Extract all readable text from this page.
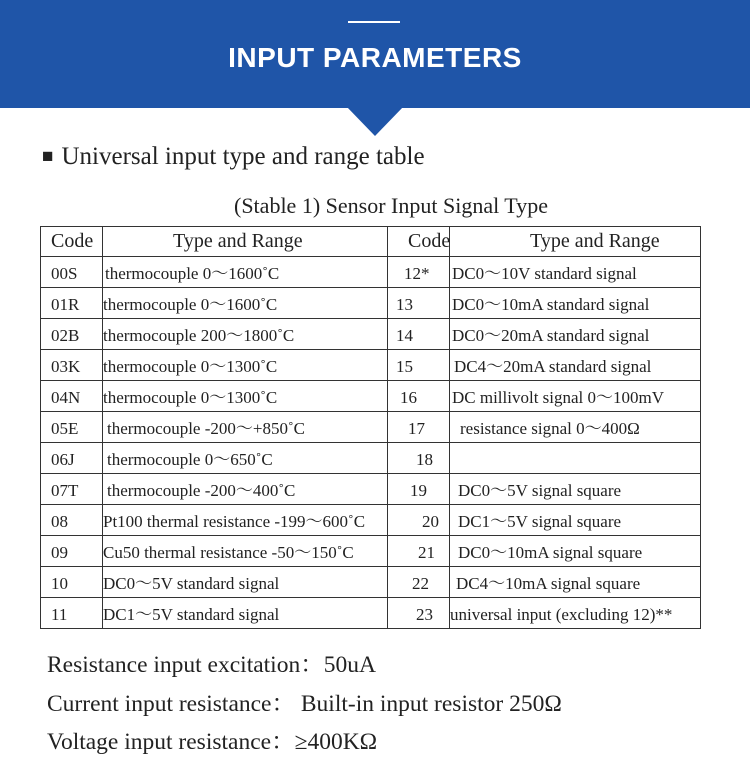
INPUT PARAMETERS
■ Universal input type and range table
(Stable 1) Sensor Input Signal Type
Code	Type and Range	Code	Type and Range
00S	thermocouple 0～1600˚C	12*	DC0～10V standard signal
01R	thermocouple 0～1600˚C	13	DC0～10mA standard signal
02B	thermocouple 200～1800˚C	14	DC0～20mA standard signal
03K	thermocouple 0～1300˚C	15	DC4～20mA standard signal
04N	thermocouple 0～1300˚C	16	DC millivolt signal 0～100mV
05E	thermocouple -200～+850˚C	17	resistance signal 0～400Ω
06J	thermocouple 0～650˚C	18	
07T	thermocouple -200～400˚C	19	DC0～5V signal square
08	Pt100 thermal resistance -199～600˚C	20	DC1～5V signal square
09	Cu50 thermal resistance -50～150˚C	21	DC0～10mA signal square
10	DC0～5V standard signal	22	DC4～10mA signal square
11	DC1～5V standard signal	23	universal input (excluding 12)**
Resistance input excitation：50uA
Current input resistance： Built-in input resistor 250Ω
Voltage input resistance：≥400KΩ
